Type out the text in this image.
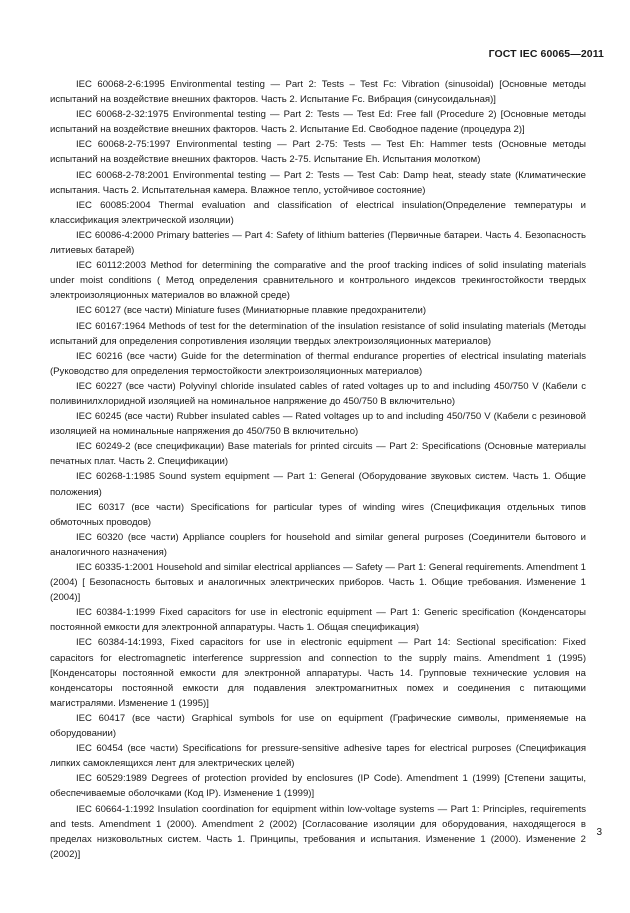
ГОСТ IEC 60065—2011

IEC 60068-2-6:1995 Environmental testing — Part 2: Tests – Test Fc: Vibration (sinusoidal) [Основные методы испытаний на воздействие внешних факторов. Часть 2. Испытание Fc. Вибрация (синусоидальная)]

IEC 60068-2-32:1975 Environmental testing — Part 2: Tests — Test Ed: Free fall (Procedure 2) [Основные методы испытаний на воздействие внешних факторов. Часть 2. Испытание Ed. Свободное падение (процедура 2)]

IEC 60068-2-75:1997 Environmental testing — Part 2-75: Tests — Test Eh: Hammer tests (Основные методы испытаний на воздействие внешних факторов. Часть 2-75. Испытание Eh. Испытания молотком)

IEC 60068-2-78:2001 Environmental testing — Part 2: Tests — Test Cab: Damp heat, steady state (Климатические испытания. Часть 2. Испытательная камера. Влажное тепло, устойчивое состояние)

IEC 60085:2004 Thermal evaluation and classification of electrical insulation(Определение температуры и классификация электрической изоляции)

IEC 60086-4:2000 Primary batteries — Part 4: Safety of lithium batteries (Первичные батареи. Часть 4. Безопасность литиевых батарей)

IEC 60112:2003 Method for determining the comparative and the proof tracking indices of solid insulating materials under moist conditions ( Метод определения сравнительного и контрольного индексов трекингостойкости твердых электроизоляционных материалов во влажной среде)

IEC 60127 (все части) Miniature fuses (Миниатюрные плавкие предохранители)

IEC 60167:1964 Methods of test for the determination of the insulation resistance of solid insulating materials (Методы испытаний для определения сопротивления изоляции твердых электроизоляционных материалов)

IEC 60216 (все части) Guide for the determination of thermal endurance properties of electrical insulating materials (Руководство для определения термостойкости электроизоляционных материалов)

IEC 60227 (все части) Polyvinyl chloride insulated cables of rated voltages up to and including 450/750 V (Кабели с поливинилхлоридной изоляцией на номинальное напряжение до 450/750 В включительно)

IEC 60245 (все части) Rubber insulated cables — Rated voltages up to and including 450/750 V (Кабели с резиновой изоляцией на номинальные напряжения до 450/750 В включительно)

IEC 60249-2 (все спецификации) Base materials for printed circuits — Part 2: Specifications (Основные материалы печатных плат. Часть 2. Спецификации)

IEC 60268-1:1985 Sound system equipment — Part 1: General (Оборудование звуковых систем. Часть 1. Общие положения)

IEC 60317 (все части) Specifications for particular types of winding wires (Спецификация отдельных типов обмоточных проводов)

IEC 60320 (все части) Appliance couplers for household and similar general purposes (Соединители бытового и аналогичного назначения)

IEC 60335-1:2001 Household and similar electrical appliances — Safety — Part 1: General requirements. Amendment 1 (2004) [ Безопасность бытовых и аналогичных электрических приборов. Часть 1. Общие требования. Изменение 1 (2004)]

IEC 60384-1:1999 Fixed capacitors for use in electronic equipment — Part 1: Generic specification (Конденсаторы постоянной емкости для электронной аппаратуры. Часть 1. Общая спецификация)

IEC 60384-14:1993, Fixed capacitors for use in electronic equipment — Part 14: Sectional specification: Fixed capacitors for electromagnetic interference suppression and connection to the supply mains. Amendment 1 (1995) [Конденсаторы постоянной емкости для электронной аппаратуры. Часть 14. Групповые технические условия на конденсаторы постоянной емкости для подавления электромагнитных помех и соединения с питающими магистралями. Изменение 1 (1995)]

IEC 60417 (все части) Graphical symbols for use on equipment (Графические символы, применяемые на оборудовании)

IEC 60454 (все части) Specifications for pressure-sensitive adhesive tapes for electrical purposes (Спецификация липких самоклеящихся лент для электрических целей)

IEC 60529:1989 Degrees of protection provided by enclosures (IP Code). Amendment 1 (1999) [Степени защиты, обеспечиваемые оболочками (Код IP). Изменение 1 (1999)]

IEC 60664-1:1992 Insulation coordination for equipment within low-voltage systems — Part 1: Principles, requirements and tests. Amendment 1 (2000). Amendment 2 (2002) [Согласование изоляции для оборудования, находящегося в пределах низковольтных систем. Часть 1. Принципы, требования и испытания. Изменение 1 (2000). Изменение 2 (2002)]

3
